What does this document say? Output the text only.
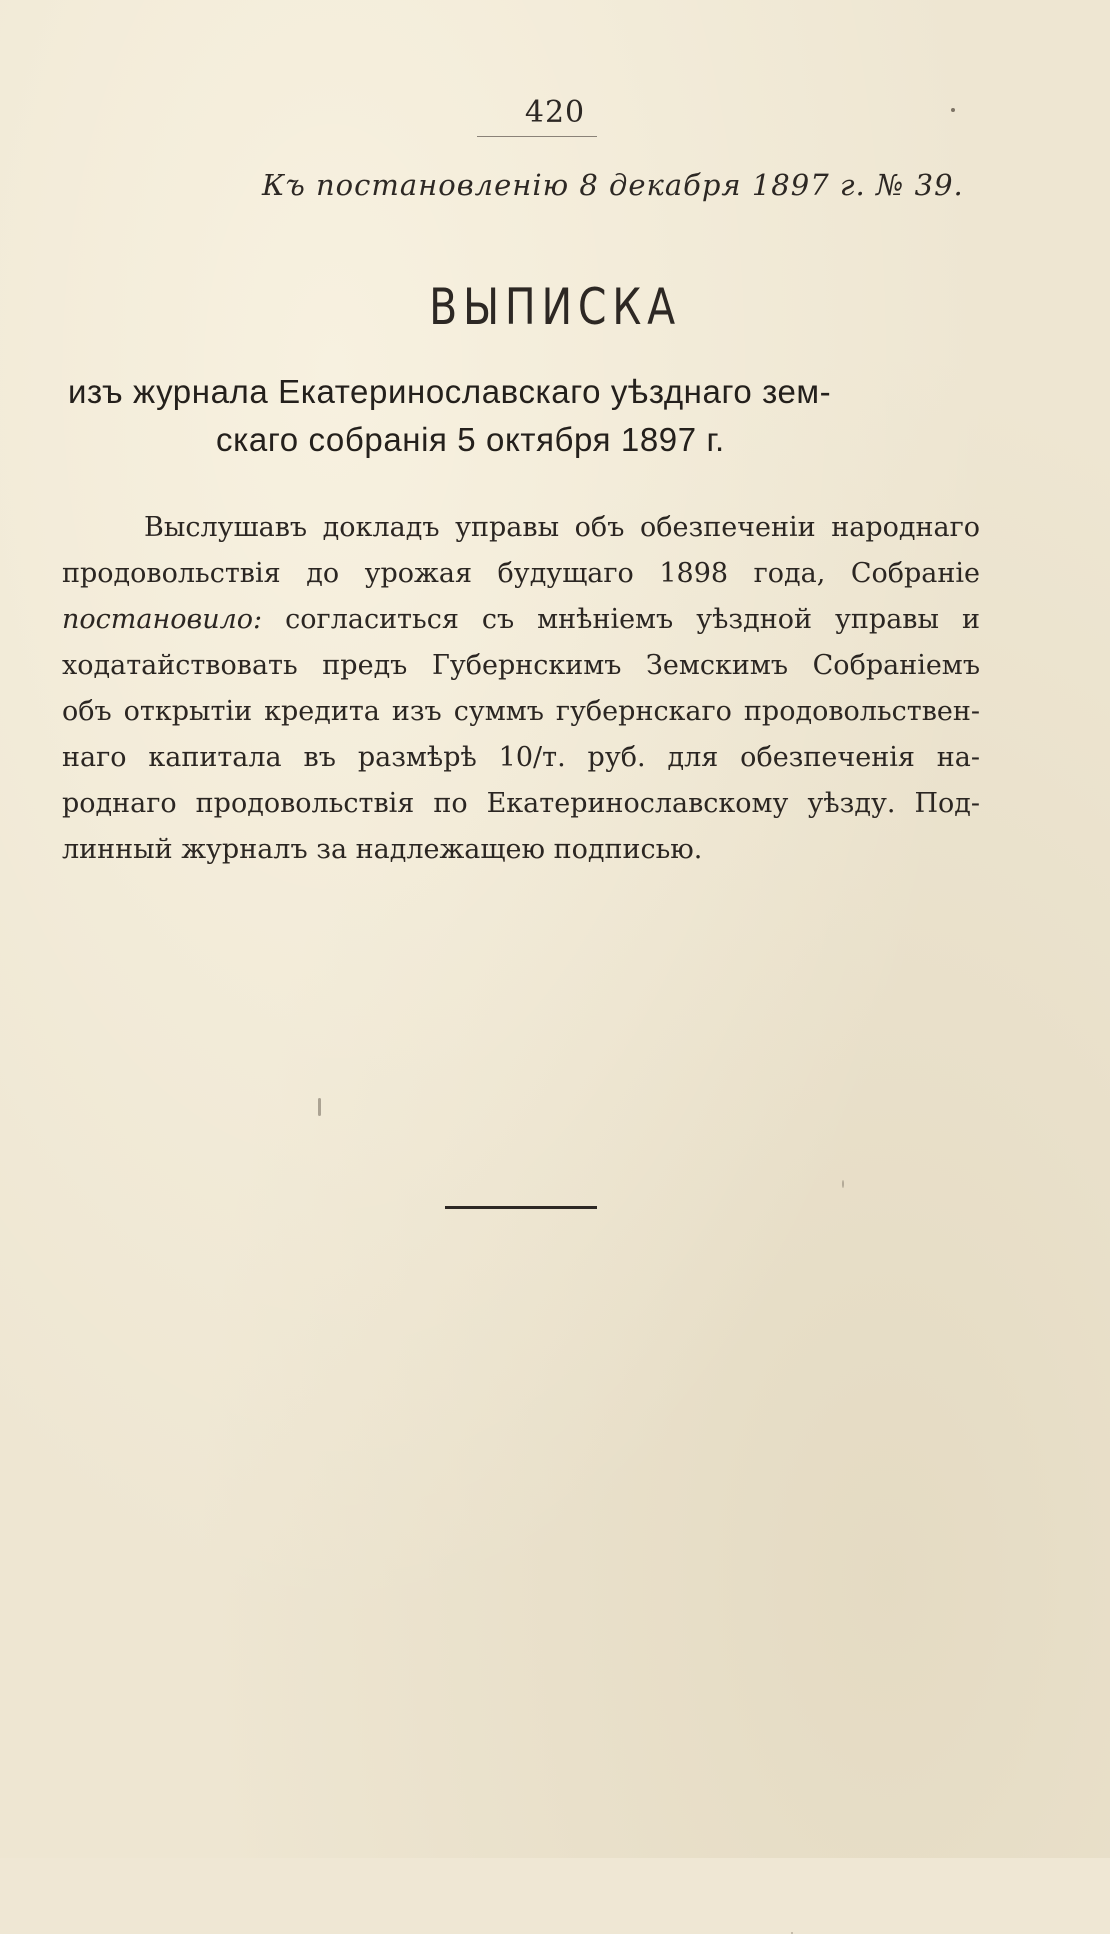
420
Къ постановленію 8 декабря 1897 г. № 39.
ВЫПИСКА
изъ журнала Екатеринославскаго уѣзднаго зем-
скаго собранія 5 октября 1897 г.
Выслушавъ докладъ управы объ обезпеченіи народнаго
продовольствія до урожая будущаго 1898 года, Собраніе
постановило: согласиться съ мнѣніемъ уѣздной управы и
ходатайствовать предъ Губернскимъ Земскимъ Собраніемъ
объ открытіи кредита изъ суммъ губернскаго продовольствен-
наго капитала въ размѣрѣ 10/т. руб. для обезпеченія на-
роднаго продовольствія по Екатеринославскому уѣзду. Под-
линный журналъ за надлежащею подписью.
